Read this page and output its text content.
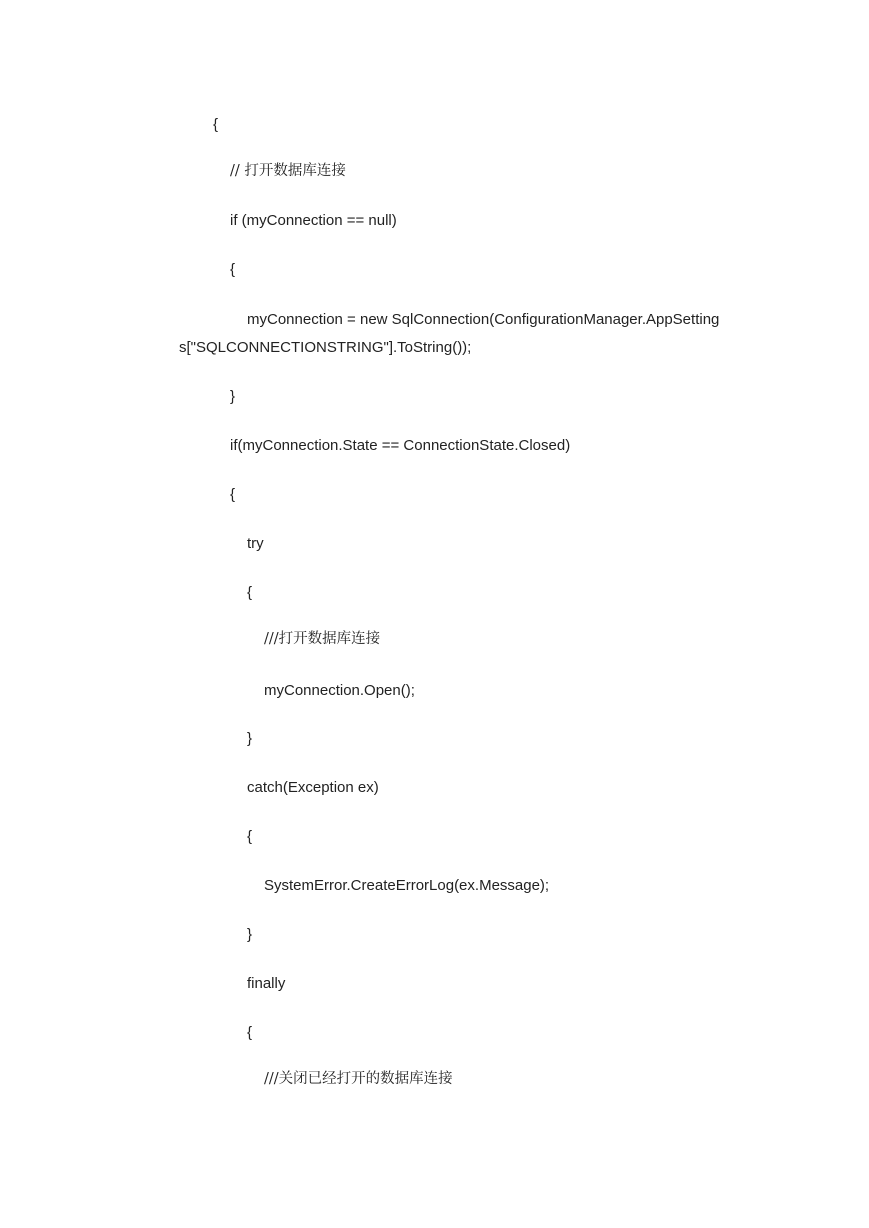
{
// 打开数据库连接
if (myConnection == null)
{
myConnection = new SqlConnection(ConfigurationManager.AppSetting
s["SQLCONNECTIONSTRING"].ToString());
}
if(myConnection.State == ConnectionState.Closed)
{
try
{
///打开数据库连接
myConnection.Open();
}
catch(Exception ex)
{
SystemError.CreateErrorLog(ex.Message);
}
finally
{
///关闭已经打开的数据库连接
